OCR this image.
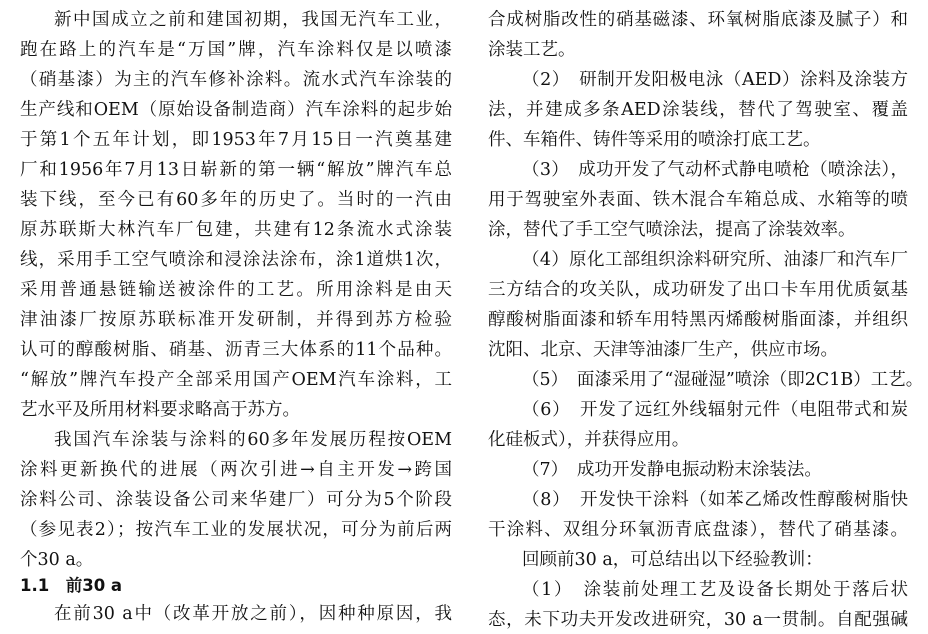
新中国成立之前和建国初期，我国无汽车工业，
跑在路上的汽车是“万国”牌，汽车涂料仅是以喷漆
（硝基漆）为主的汽车修补涂料。流水式汽车涂装的
生产线和OEM（原始设备制造商）汽车涂料的起步始
于第1个五年计划，即1953年7月15日一汽奠基建
厂和1956年7月13日崭新的第一辆“解放”牌汽车总
装下线，至今已有60多年的历史了。当时的一汽由
原苏联斯大林汽车厂包建，共建有12条流水式涂装
线，采用手工空气喷涂和浸涂法涂布，涂1道烘1次，
采用普通悬链输送被涂件的工艺。所用涂料是由天
津油漆厂按原苏联标准开发研制，并得到苏方检验
认可的醇酸树脂、硝基、沥青三大体系的11个品种。
“解放”牌汽车投产全部采用国产OEM汽车涂料，工
艺水平及所用材料要求略高于苏方。
我国汽车涂装与涂料的60多年发展历程按OEM
涂料更新换代的进展（两次引进→自主开发→跨国
涂料公司、涂装设备公司来华建厂）可分为5个阶段
（参见表2）；按汽车工业的发展状况，可分为前后两
个30 a。
1.1　前30 a
在前30 a中（改革开放之前），因种种原因，我
合成树脂改性的硝基磁漆、环氧树脂底漆及腻子）和
涂装工艺。
（2）　研制开发阳极电泳（AED）涂料及涂装方
法，并建成多条AED涂装线，替代了驾驶室、覆盖
件、车箱件、铸件等采用的喷涂打底工艺。
（3）　成功开发了气动杯式静电喷枪（喷涂法），
用于驾驶室外表面、铁木混合车箱总成、水箱等的喷
涂，替代了手工空气喷涂法，提高了涂装效率。
（4）原化工部组织涂料研究所、油漆厂和汽车厂
三方结合的攻关队，成功研发了出口卡车用优质氨基
醇酸树脂面漆和轿车用特黑丙烯酸树脂面漆，并组织
沈阳、北京、天津等油漆厂生产，供应市场。
（5）　面漆采用了“湿碰湿”喷涂（即2C1B）工艺。
（6）　开发了远红外线辐射元件（电阻带式和炭
化硅板式），并获得应用。
（7）　成功开发静电振动粉末涂装法。
（8）　开发快干涂料（如苯乙烯改性醇酸树脂快
干涂料、双组分环氧沥青底盘漆），替代了硝基漆。
回顾前30 a，可总结出以下经验教训：
（1）　涂装前处理工艺及设备长期处于落后状
态，未下功夫开发改进研究，30 a一贯制。自配强碱
